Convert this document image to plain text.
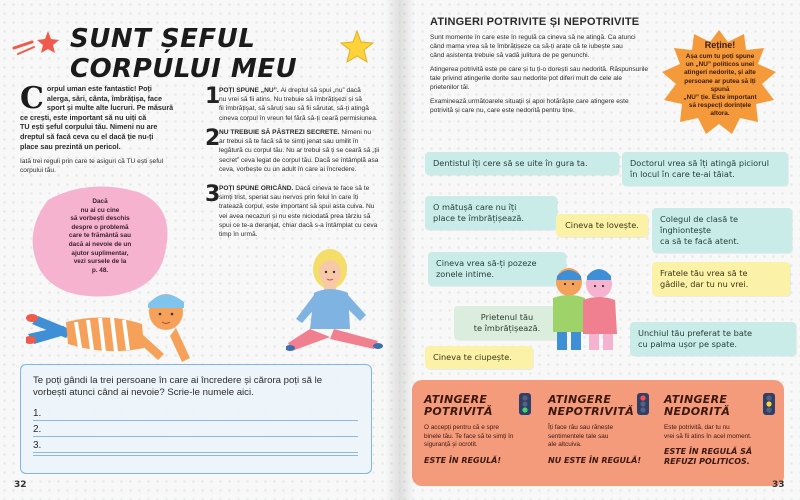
SUNT ȘEFUL CORPULUI MEU
C orpul uman este fantastic! Poți
alerga, sări, cânta, îmbrățișa, face
sport și multe alte lucruri. Pe măsură
ce crești, este important să nu uiți că
TU ești șeful corpului tău. Nimeni nu are
dreptul să facă ceva cu el dacă ție nu-ți
place sau prezintă un pericol.
Iată trei reguli prin care te asiguri că TU ești șeful
corpului tău.
1
POȚI SPUNE „NU”. Ai dreptul să spui „nu” dacă
nu vrei să fii atins. Nu trebuie să îmbrățișezi și să
fii îmbrățișat, să săruți sau să fii sărutat, să-ți atingă
cineva corpul în vreun fel fără să-ți ceară permisiunea.
2
NU TREBUIE SĂ PĂSTREZI SECRETE. Nimeni nu
ar trebui să te facă să te simți jenat sau umilit în
legătură cu corpul tău. Nu ar trebui să ți se ceară să „ții
secret” ceva legat de corpul tău. Dacă se întâmplă asa
ceva, vorbește cu un adult în care ai încredere.
3
POȚI SPUNE ORICÂND. Dacă cineva te face să te
simți trist, speriat sau nervos prin felul în care îți
tratează corpul, este important să spui asta cuiva. Nu
vei avea necazuri și nu este niciodată prea târziu să
spui ce te-a deranjat, chiar dacă s-a întâmplat cu ceva
timp în urmă.
Dacă
nu ai cu cine
să vorbești deschis
despre o problemă
care te frământă sau
dacă ai nevoie de un
ajutor suplimentar,
vezi sursele de la
p. 48.
Te poți gândi la trei persoane în care ai încredere și cărora poți să le
vorbești atunci când ai nevoie? Scrie-le numele aici.
1.
2.
3.
32
ATINGERI POTRIVITE ȘI NEPOTRIVITE
Sunt momente în care este în regulă ca cineva să ne atingă. Ca atunci
când mama vrea să te îmbrățișeze ca să-ți arate că te iubește sau
când asistenta trebuie să vadă julitura de pe genunchi.
Atingerea potrivită este pe care și tu ți-o dorești sau nedorită. Răspunsurile
tale privind atingerile dorite sau nedorite pot diferi mult de cele ale
prietenilor tăi.
Examinează următoarele situații și apoi hotărăște care atingere este
potrivită și care nu, care este nedorită pentru tine.
Reține!
Așa cum tu poți spune
un „NU” politicos unei
atingeri nedorite, și alte
persoane ar putea să îți spună
„NU” ție. Este important
să respecți dorințele
altora.
Dentistul îți cere să se uite în gura ta.	Doctorul vrea să îți atingă piciorul
în locul în care te-ai tăiat.
O mătușă care nu îți
place te îmbrățișează.
Cineva te lovește.
Colegul de clasă te înghiontește
ca să te facă atent.
Cineva vrea să-ți pozeze
zonele intime.	Fratele tău vrea să te
gâdile, dar tu nu vrei.
Prietenul tău
te îmbrățișează.	Unchiul tău preferat te bate
cu palma ușor pe spate.
Cineva te ciupește.
ATINGERE
POTRIVITĂ
O accepți pentru că e spre
binele tău. Te face să te simți în
siguranță și ocrotit.
ESTE ÎN REGULĂ!
ATINGERE
NEPOTRIVITĂ
Îți face rău sau rănește
sentimentele tale sau
ale altcuiva.
NU ESTE ÎN REGULĂ!
ATINGERE
NEDORITĂ
Este potrivită, dar tu nu
vrei să fii atins în acel moment.
ESTE ÎN REGULĂ SĂ
REFUZI POLITICOS.
33
